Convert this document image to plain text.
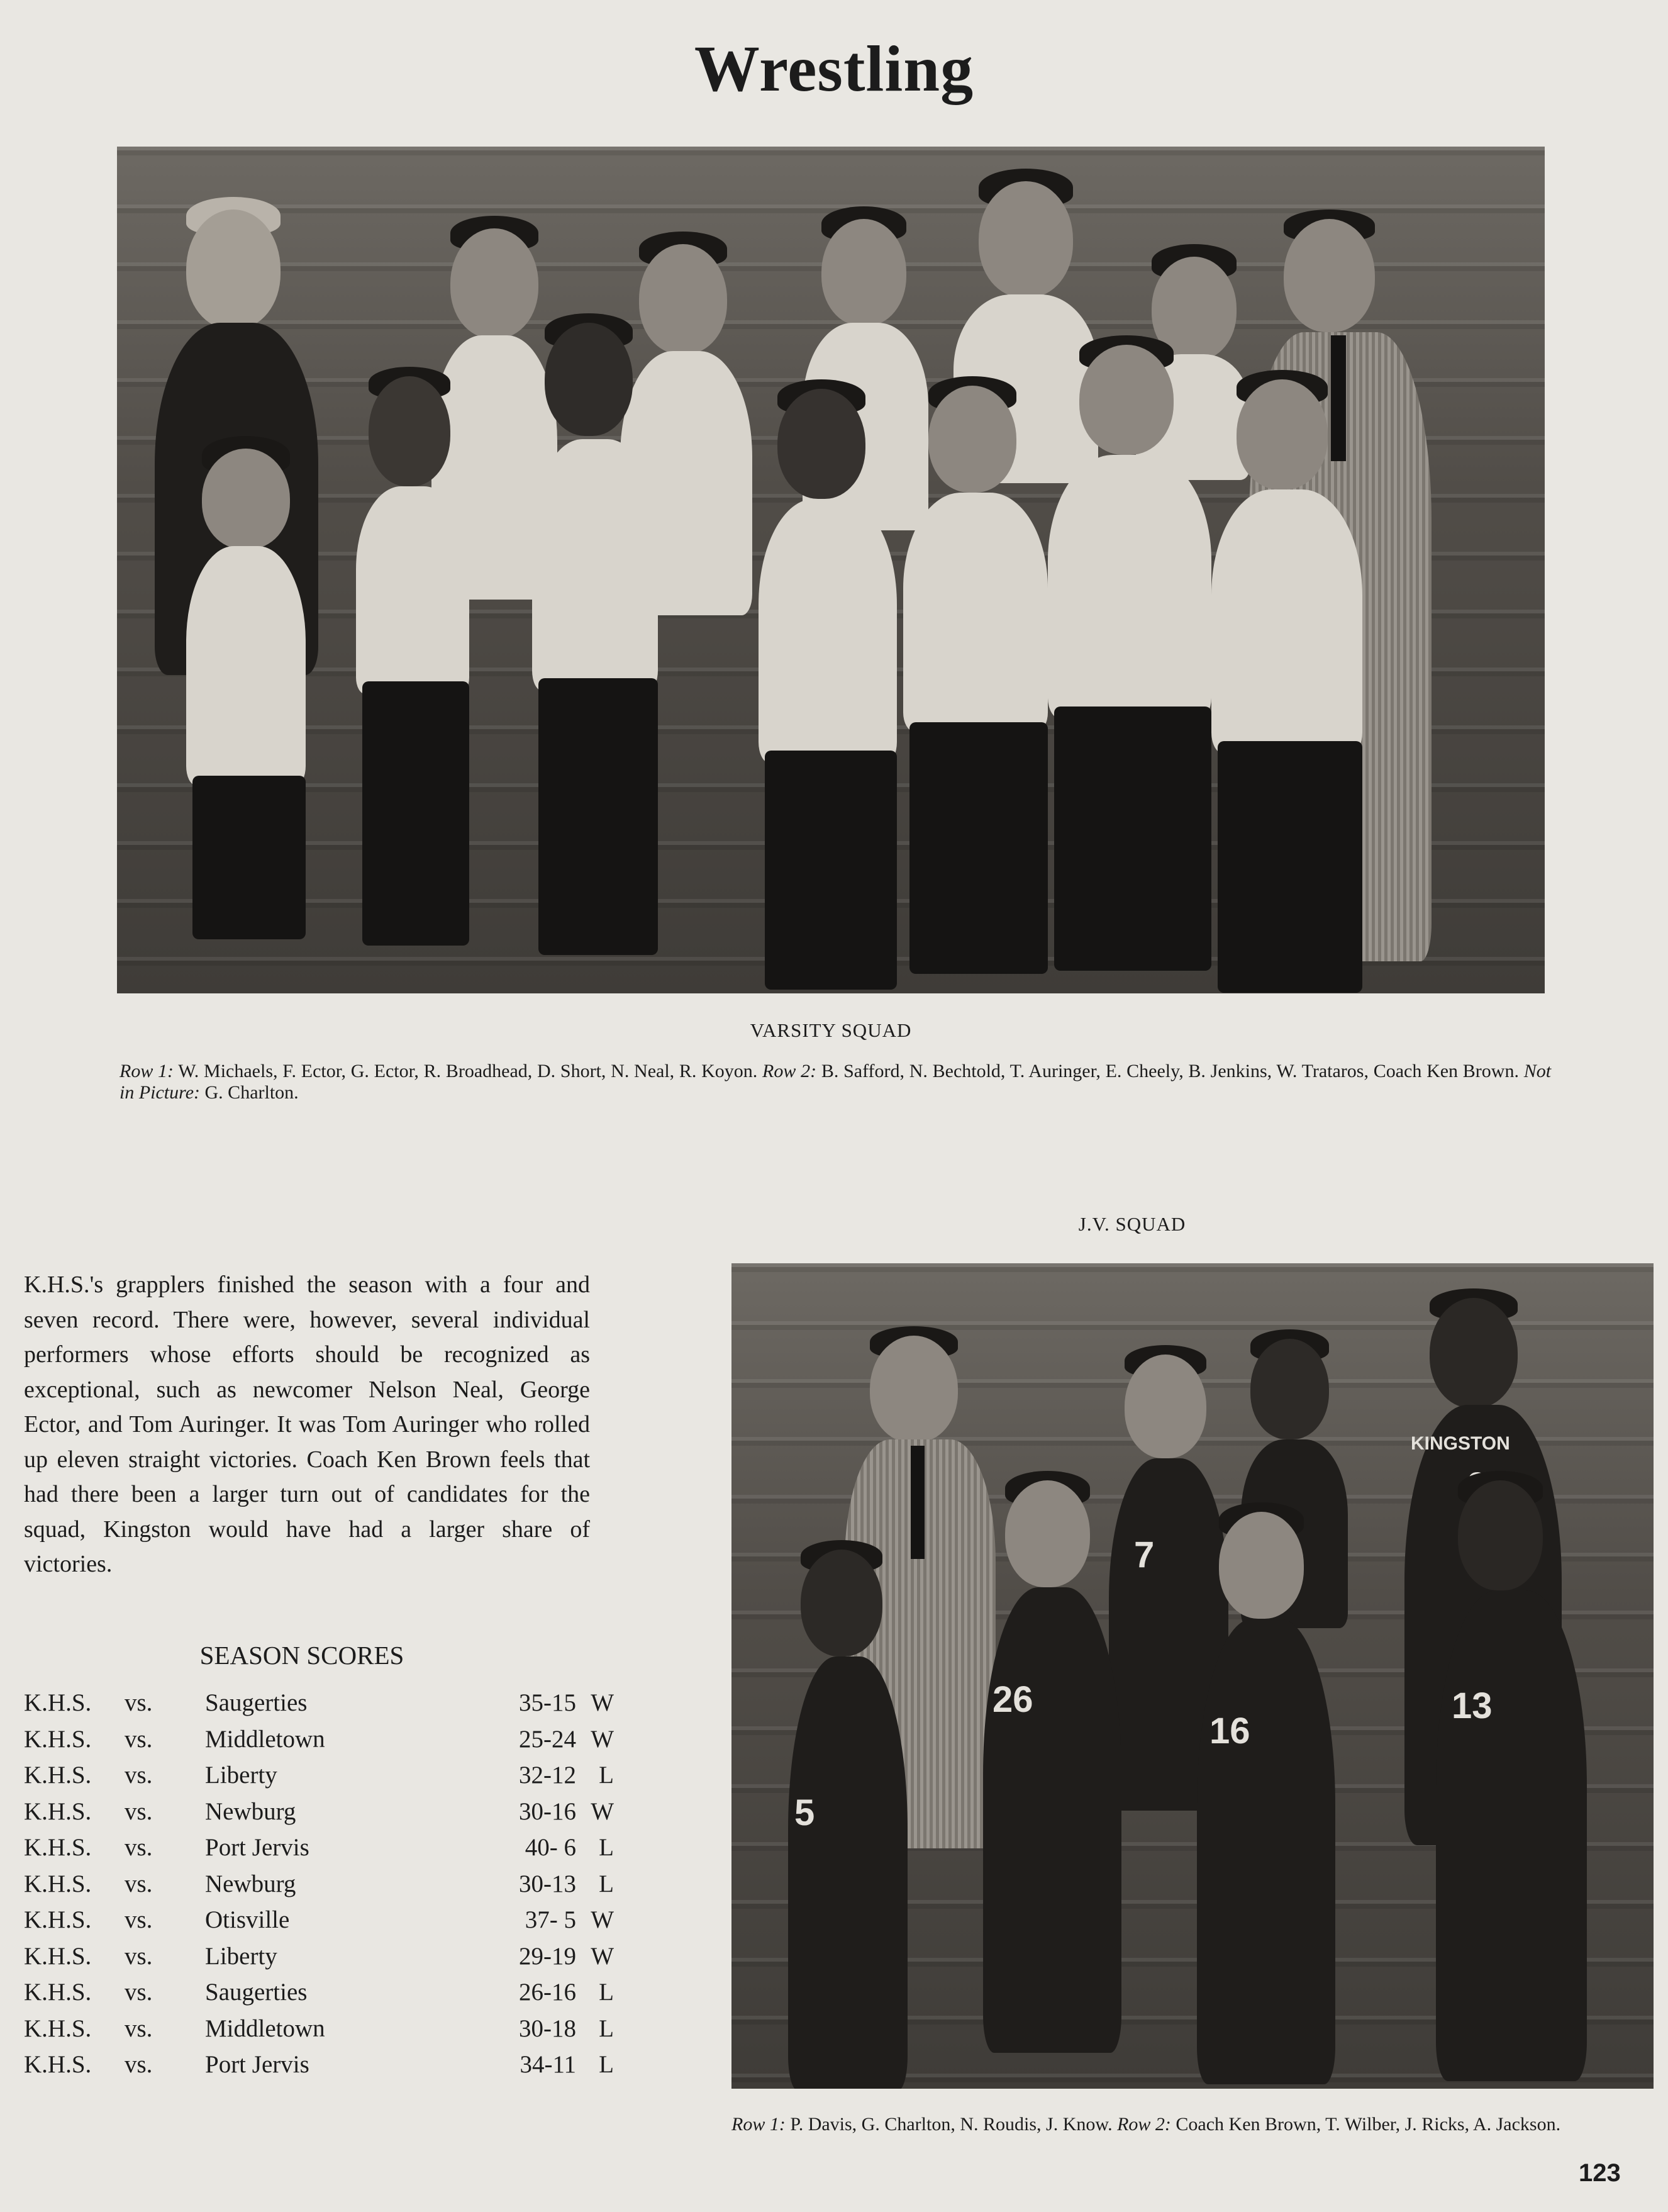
Wrestling
VARSITY SQUAD
Row 1: W. Michaels, F. Ector, G. Ector, R. Broadhead, D. Short, N. Neal, R. Koyon. Row 2: B. Safford, N. Bechtold, T. Auringer, E. Cheely, B. Jenkins, W. Trataros, Coach Ken Brown. Not in Picture: G. Charlton.
J.V. SQUAD
K.H.S.'s grapplers finished the season with a four and seven record. There were, however, several individual performers whose efforts should be recognized as exceptional, such as newcomer Nelson Neal, George Ector, and Tom Auringer. It was Tom Auringer who rolled up eleven straight victories. Coach Ken Brown feels that had there been a larger turn out of candidates for the squad, Kingston would have had a larger share of victories.
SEASON SCORES
K.H.S.	vs.	Saugerties	35-15	W
K.H.S.	vs.	Middletown	25-24	W
K.H.S.	vs.	Liberty	32-12	L
K.H.S.	vs.	Newburg	30-16	W
K.H.S.	vs.	Port Jervis	40- 6	L
K.H.S.	vs.	Newburg	30-13	L
K.H.S.	vs.	Otisville	37- 5	W
K.H.S.	vs.	Liberty	29-19	W
K.H.S.	vs.	Saugerties	26-16	L
K.H.S.	vs.	Middletown	30-18	L
K.H.S.	vs.	Port Jervis	34-11	L
7
KINGSTON
5
26
16
13
Row 1: P. Davis, G. Charlton, N. Roudis, J. Know. Row 2: Coach Ken Brown, T. Wilber, J. Ricks, A. Jackson.
123
